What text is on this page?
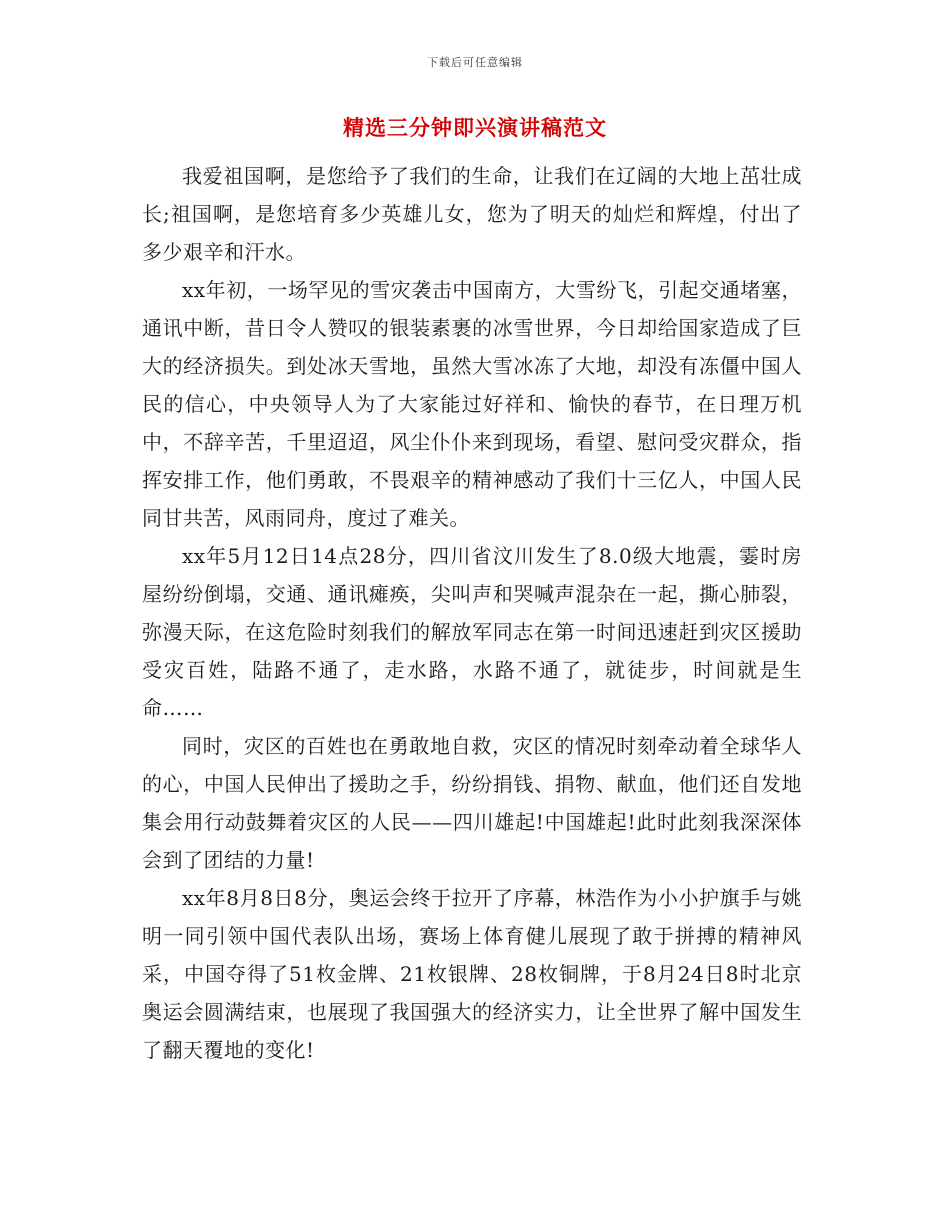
下载后可任意编辑
精选三分钟即兴演讲稿范文

我爱祖国啊，是您给予了我们的生命，让我们在辽阔的大地上茁壮成长;祖国啊，是您培育多少英雄儿女，您为了明天的灿烂和辉煌，付出了多少艰辛和汗水。

xx年初，一场罕见的雪灾袭击中国南方，大雪纷飞，引起交通堵塞，通讯中断，昔日令人赞叹的银装素裹的冰雪世界，今日却给国家造成了巨大的经济损失。到处冰天雪地，虽然大雪冰冻了大地，却没有冻僵中国人民的信心，中央领导人为了大家能过好祥和、愉快的春节，在日理万机中，不辞辛苦，千里迢迢，风尘仆仆来到现场，看望、慰问受灾群众，指挥安排工作，他们勇敢，不畏艰辛的精神感动了我们十三亿人，中国人民同甘共苦，风雨同舟，度过了难关。

xx年5月12日14点28分，四川省汶川发生了8.0级大地震，霎时房屋纷纷倒塌，交通、通讯瘫痪，尖叫声和哭喊声混杂在一起，撕心肺裂，弥漫天际，在这危险时刻我们的解放军同志在第一时间迅速赶到灾区援助受灾百姓，陆路不通了，走水路，水路不通了，就徒步，时间就是生命……

同时，灾区的百姓也在勇敢地自救，灾区的情况时刻牵动着全球华人的心，中国人民伸出了援助之手，纷纷捐钱、捐物、献血，他们还自发地集会用行动鼓舞着灾区的人民——四川雄起!中国雄起!此时此刻我深深体会到了团结的力量!

xx年8月8日8分，奥运会终于拉开了序幕，林浩作为小小护旗手与姚明一同引领中国代表队出场，赛场上体育健儿展现了敢于拼搏的精神风采，中国夺得了51枚金牌、21枚银牌、28枚铜牌，于8月24日8时北京奥运会圆满结束，也展现了我国强大的经济实力，让全世界了解中国发生了翻天覆地的变化!
